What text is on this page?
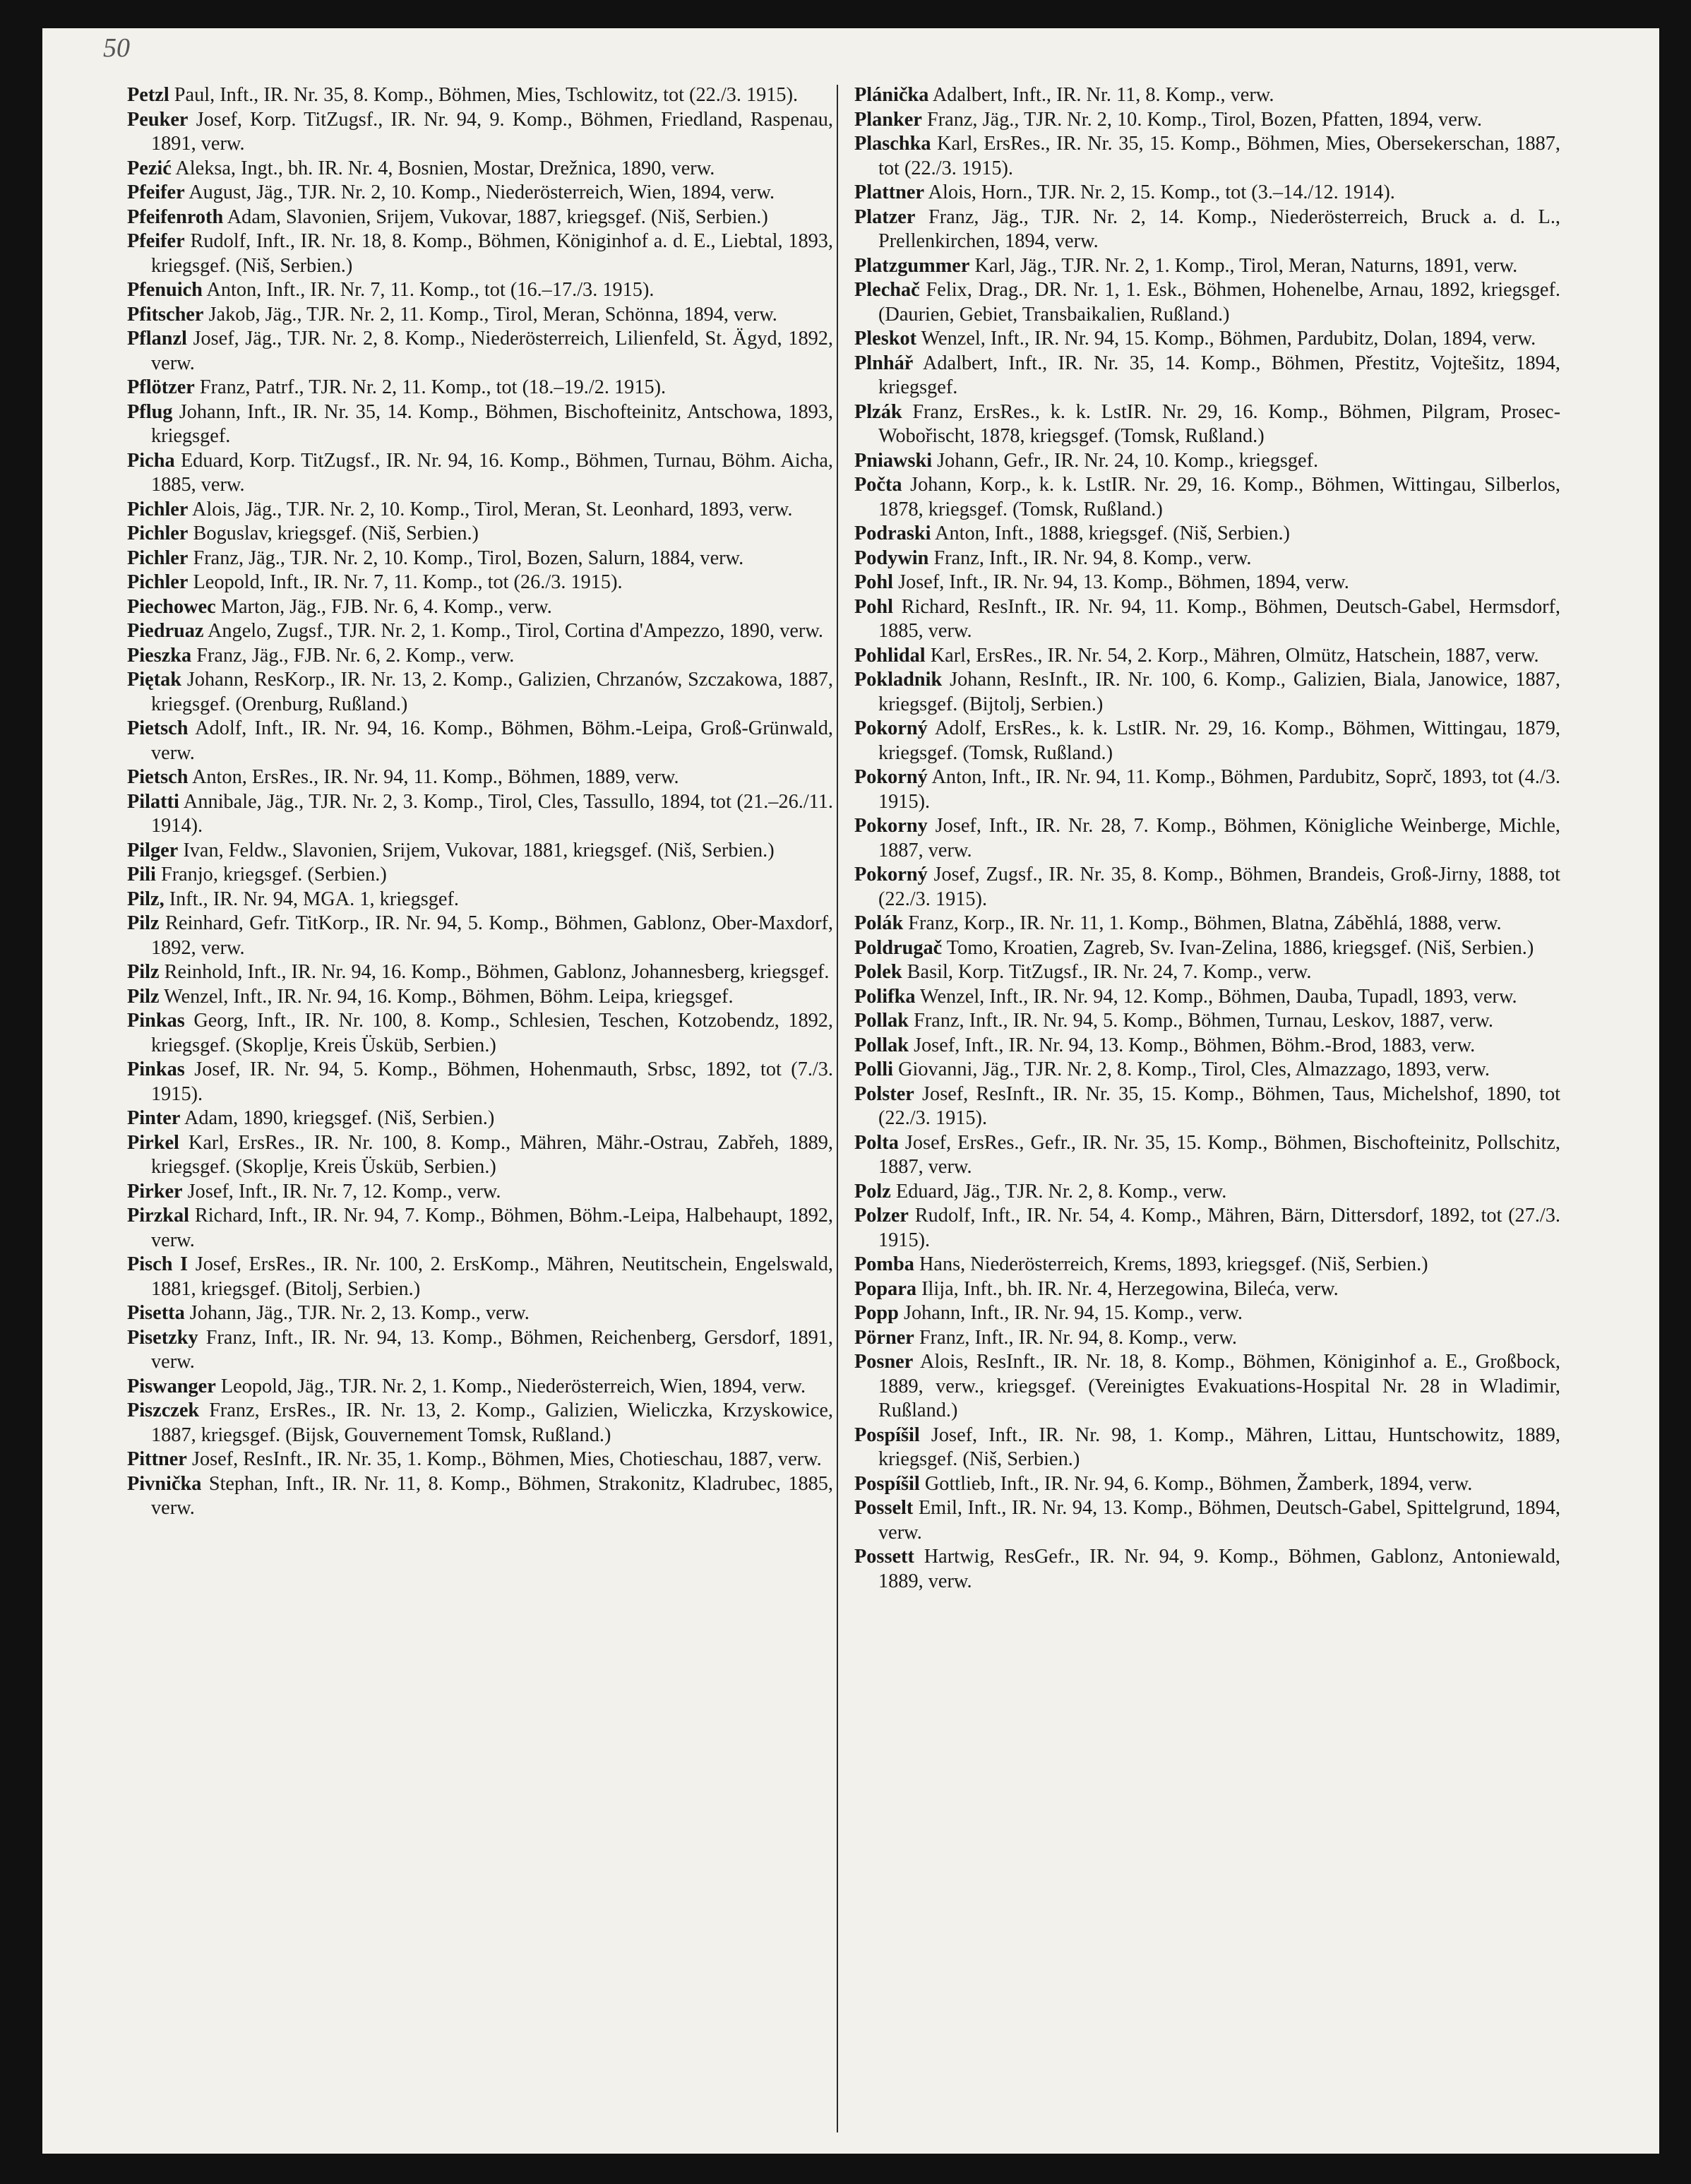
50

Petzl Paul, Inft., IR. Nr. 35, 8. Komp., Böhmen, Mies, Tschlowitz, tot (22./3. 1915).

Peuker Josef, Korp. TitZugsf., IR. Nr. 94, 9. Komp., Böhmen, Friedland, Raspenau, 1891, verw.

Pezić Aleksa, Ingt., bh. IR. Nr. 4, Bosnien, Mostar, Drežnica, 1890, verw.

Pfeifer August, Jäg., TJR. Nr. 2, 10. Komp., Niederösterreich, Wien, 1894, verw.

Pfeifenroth Adam, Slavonien, Srijem, Vukovar, 1887, kriegsgef. (Niš, Serbien.)

Pfeifer Rudolf, Inft., IR. Nr. 18, 8. Komp., Böhmen, Königinhof a. d. E., Liebtal, 1893, kriegsgef. (Niš, Serbien.)

Pfenuich Anton, Inft., IR. Nr. 7, 11. Komp., tot (16.–17./3. 1915).

Pfitscher Jakob, Jäg., TJR. Nr. 2, 11. Komp., Tirol, Meran, Schönna, 1894, verw.

Pflanzl Josef, Jäg., TJR. Nr. 2, 8. Komp., Niederösterreich, Lilienfeld, St. Ägyd, 1892, verw.

Pflötzer Franz, Patrf., TJR. Nr. 2, 11. Komp., tot (18.–19./2. 1915).

Pflug Johann, Inft., IR. Nr. 35, 14. Komp., Böhmen, Bischofteinitz, Antschowa, 1893, kriegsgef.

Picha Eduard, Korp. TitZugsf., IR. Nr. 94, 16. Komp., Böhmen, Turnau, Böhm. Aicha, 1885, verw.

Pichler Alois, Jäg., TJR. Nr. 2, 10. Komp., Tirol, Meran, St. Leonhard, 1893, verw.

Pichler Boguslav, kriegsgef. (Niš, Serbien.)

Pichler Franz, Jäg., TJR. Nr. 2, 10. Komp., Tirol, Bozen, Salurn, 1884, verw.

Pichler Leopold, Inft., IR. Nr. 7, 11. Komp., tot (26./3. 1915).

Piechowec Marton, Jäg., FJB. Nr. 6, 4. Komp., verw.

Piedruaz Angelo, Zugsf., TJR. Nr. 2, 1. Komp., Tirol, Cortina d'Ampezzo, 1890, verw.

Pieszka Franz, Jäg., FJB. Nr. 6, 2. Komp., verw.

Piętak Johann, ResKorp., IR. Nr. 13, 2. Komp., Galizien, Chrzanów, Szczakowa, 1887, kriegsgef. (Orenburg, Rußland.)

Pietsch Adolf, Inft., IR. Nr. 94, 16. Komp., Böhmen, Böhm.-Leipa, Groß-Grünwald, verw.

Pietsch Anton, ErsRes., IR. Nr. 94, 11. Komp., Böhmen, 1889, verw.

Pilatti Annibale, Jäg., TJR. Nr. 2, 3. Komp., Tirol, Cles, Tassullo, 1894, tot (21.–26./11. 1914).

Pilger Ivan, Feldw., Slavonien, Srijem, Vukovar, 1881, kriegsgef. (Niš, Serbien.)

Pili Franjo, kriegsgef. (Serbien.)

Pilz, Inft., IR. Nr. 94, MGA. 1, kriegsgef.

Pilz Reinhard, Gefr. TitKorp., IR. Nr. 94, 5. Komp., Böhmen, Gablonz, Ober-Maxdorf, 1892, verw.

Pilz Reinhold, Inft., IR. Nr. 94, 16. Komp., Böhmen, Gablonz, Johannesberg, kriegsgef.

Pilz Wenzel, Inft., IR. Nr. 94, 16. Komp., Böhmen, Böhm. Leipa, kriegsgef.

Pinkas Georg, Inft., IR. Nr. 100, 8. Komp., Schlesien, Teschen, Kotzobendz, 1892, kriegsgef. (Skoplje, Kreis Üsküb, Serbien.)

Pinkas Josef, IR. Nr. 94, 5. Komp., Böhmen, Hohenmauth, Srbsc, 1892, tot (7./3. 1915).

Pinter Adam, 1890, kriegsgef. (Niš, Serbien.)

Pirkel Karl, ErsRes., IR. Nr. 100, 8. Komp., Mähren, Mähr.-Ostrau, Zabřeh, 1889, kriegsgef. (Skoplje, Kreis Üsküb, Serbien.)

Pirker Josef, Inft., IR. Nr. 7, 12. Komp., verw.

Pirzkal Richard, Inft., IR. Nr. 94, 7. Komp., Böhmen, Böhm.-Leipa, Halbehaupt, 1892, verw.

Pisch I Josef, ErsRes., IR. Nr. 100, 2. ErsKomp., Mähren, Neutitschein, Engelswald, 1881, kriegsgef. (Bitolj, Serbien.)

Pisetta Johann, Jäg., TJR. Nr. 2, 13. Komp., verw.

Pisetzky Franz, Inft., IR. Nr. 94, 13. Komp., Böhmen, Reichenberg, Gersdorf, 1891, verw.

Piswanger Leopold, Jäg., TJR. Nr. 2, 1. Komp., Niederösterreich, Wien, 1894, verw.

Piszczek Franz, ErsRes., IR. Nr. 13, 2. Komp., Galizien, Wieliczka, Krzyskowice, 1887, kriegsgef. (Bijsk, Gouvernement Tomsk, Rußland.)

Pittner Josef, ResInft., IR. Nr. 35, 1. Komp., Böhmen, Mies, Chotieschau, 1887, verw.

Pivnička Stephan, Inft., IR. Nr. 11, 8. Komp., Böhmen, Strakonitz, Kladrubec, 1885, verw.

Plánička Adalbert, Inft., IR. Nr. 11, 8. Komp., verw.

Planker Franz, Jäg., TJR. Nr. 2, 10. Komp., Tirol, Bozen, Pfatten, 1894, verw.

Plaschka Karl, ErsRes., IR. Nr. 35, 15. Komp., Böhmen, Mies, Obersekerschan, 1887, tot (22./3. 1915).

Plattner Alois, Horn., TJR. Nr. 2, 15. Komp., tot (3.–14./12. 1914).

Platzer Franz, Jäg., TJR. Nr. 2, 14. Komp., Niederösterreich, Bruck a. d. L., Prellenkirchen, 1894, verw.

Platzgummer Karl, Jäg., TJR. Nr. 2, 1. Komp., Tirol, Meran, Naturns, 1891, verw.

Plechač Felix, Drag., DR. Nr. 1, 1. Esk., Böhmen, Hohenelbe, Arnau, 1892, kriegsgef. (Daurien, Gebiet, Transbaikalien, Rußland.)

Pleskot Wenzel, Inft., IR. Nr. 94, 15. Komp., Böhmen, Pardubitz, Dolan, 1894, verw.

Plnhář Adalbert, Inft., IR. Nr. 35, 14. Komp., Böhmen, Přestitz, Vojtešitz, 1894, kriegsgef.

Plzák Franz, ErsRes., k. k. LstIR. Nr. 29, 16. Komp., Böhmen, Pilgram, Prosec-Wobořischt, 1878, kriegsgef. (Tomsk, Rußland.)

Pniawski Johann, Gefr., IR. Nr. 24, 10. Komp., kriegsgef.

Počta Johann, Korp., k. k. LstIR. Nr. 29, 16. Komp., Böhmen, Wittingau, Silberlos, 1878, kriegsgef. (Tomsk, Rußland.)

Podraski Anton, Inft., 1888, kriegsgef. (Niš, Serbien.)

Podywin Franz, Inft., IR. Nr. 94, 8. Komp., verw.

Pohl Josef, Inft., IR. Nr. 94, 13. Komp., Böhmen, 1894, verw.

Pohl Richard, ResInft., IR. Nr. 94, 11. Komp., Böhmen, Deutsch-Gabel, Hermsdorf, 1885, verw.

Pohlidal Karl, ErsRes., IR. Nr. 54, 2. Korp., Mähren, Olmütz, Hatschein, 1887, verw.

Pokladnik Johann, ResInft., IR. Nr. 100, 6. Komp., Galizien, Biala, Janowice, 1887, kriegsgef. (Bijtolj, Serbien.)

Pokorný Adolf, ErsRes., k. k. LstIR. Nr. 29, 16. Komp., Böhmen, Wittingau, 1879, kriegsgef. (Tomsk, Rußland.)

Pokorný Anton, Inft., IR. Nr. 94, 11. Komp., Böhmen, Pardubitz, Soprč, 1893, tot (4./3. 1915).

Pokorny Josef, Inft., IR. Nr. 28, 7. Komp., Böhmen, Königliche Weinberge, Michle, 1887, verw.

Pokorný Josef, Zugsf., IR. Nr. 35, 8. Komp., Böhmen, Brandeis, Groß-Jirny, 1888, tot (22./3. 1915).

Polák Franz, Korp., IR. Nr. 11, 1. Komp., Böhmen, Blatna, Záběhlá, 1888, verw.

Poldrugač Tomo, Kroatien, Zagreb, Sv. Ivan-Zelina, 1886, kriegsgef. (Niš, Serbien.)

Polek Basil, Korp. TitZugsf., IR. Nr. 24, 7. Komp., verw.

Polifka Wenzel, Inft., IR. Nr. 94, 12. Komp., Böhmen, Dauba, Tupadl, 1893, verw.

Pollak Franz, Inft., IR. Nr. 94, 5. Komp., Böhmen, Turnau, Leskov, 1887, verw.

Pollak Josef, Inft., IR. Nr. 94, 13. Komp., Böhmen, Böhm.-Brod, 1883, verw.

Polli Giovanni, Jäg., TJR. Nr. 2, 8. Komp., Tirol, Cles, Almazzago, 1893, verw.

Polster Josef, ResInft., IR. Nr. 35, 15. Komp., Böhmen, Taus, Michelshof, 1890, tot (22./3. 1915).

Polta Josef, ErsRes., Gefr., IR. Nr. 35, 15. Komp., Böhmen, Bischofteinitz, Pollschitz, 1887, verw.

Polz Eduard, Jäg., TJR. Nr. 2, 8. Komp., verw.

Polzer Rudolf, Inft., IR. Nr. 54, 4. Komp., Mähren, Bärn, Dittersdorf, 1892, tot (27./3. 1915).

Pomba Hans, Niederösterreich, Krems, 1893, kriegsgef. (Niš, Serbien.)

Popara Ilija, Inft., bh. IR. Nr. 4, Herzegowina, Bileća, verw.

Popp Johann, Inft., IR. Nr. 94, 15. Komp., verw.

Pörner Franz, Inft., IR. Nr. 94, 8. Komp., verw.

Posner Alois, ResInft., IR. Nr. 18, 8. Komp., Böhmen, Königinhof a. E., Großbock, 1889, verw., kriegsgef. (Vereinigtes Evakuations-Hospital Nr. 28 in Wladimir, Rußland.)

Pospíšil Josef, Inft., IR. Nr. 98, 1. Komp., Mähren, Littau, Huntschowitz, 1889, kriegsgef. (Niš, Serbien.)

Pospíšil Gottlieb, Inft., IR. Nr. 94, 6. Komp., Böhmen, Žamberk, 1894, verw.

Posselt Emil, Inft., IR. Nr. 94, 13. Komp., Böhmen, Deutsch-Gabel, Spittelgrund, 1894, verw.

Possett Hartwig, ResGefr., IR. Nr. 94, 9. Komp., Böhmen, Gablonz, Antoniewald, 1889, verw.
